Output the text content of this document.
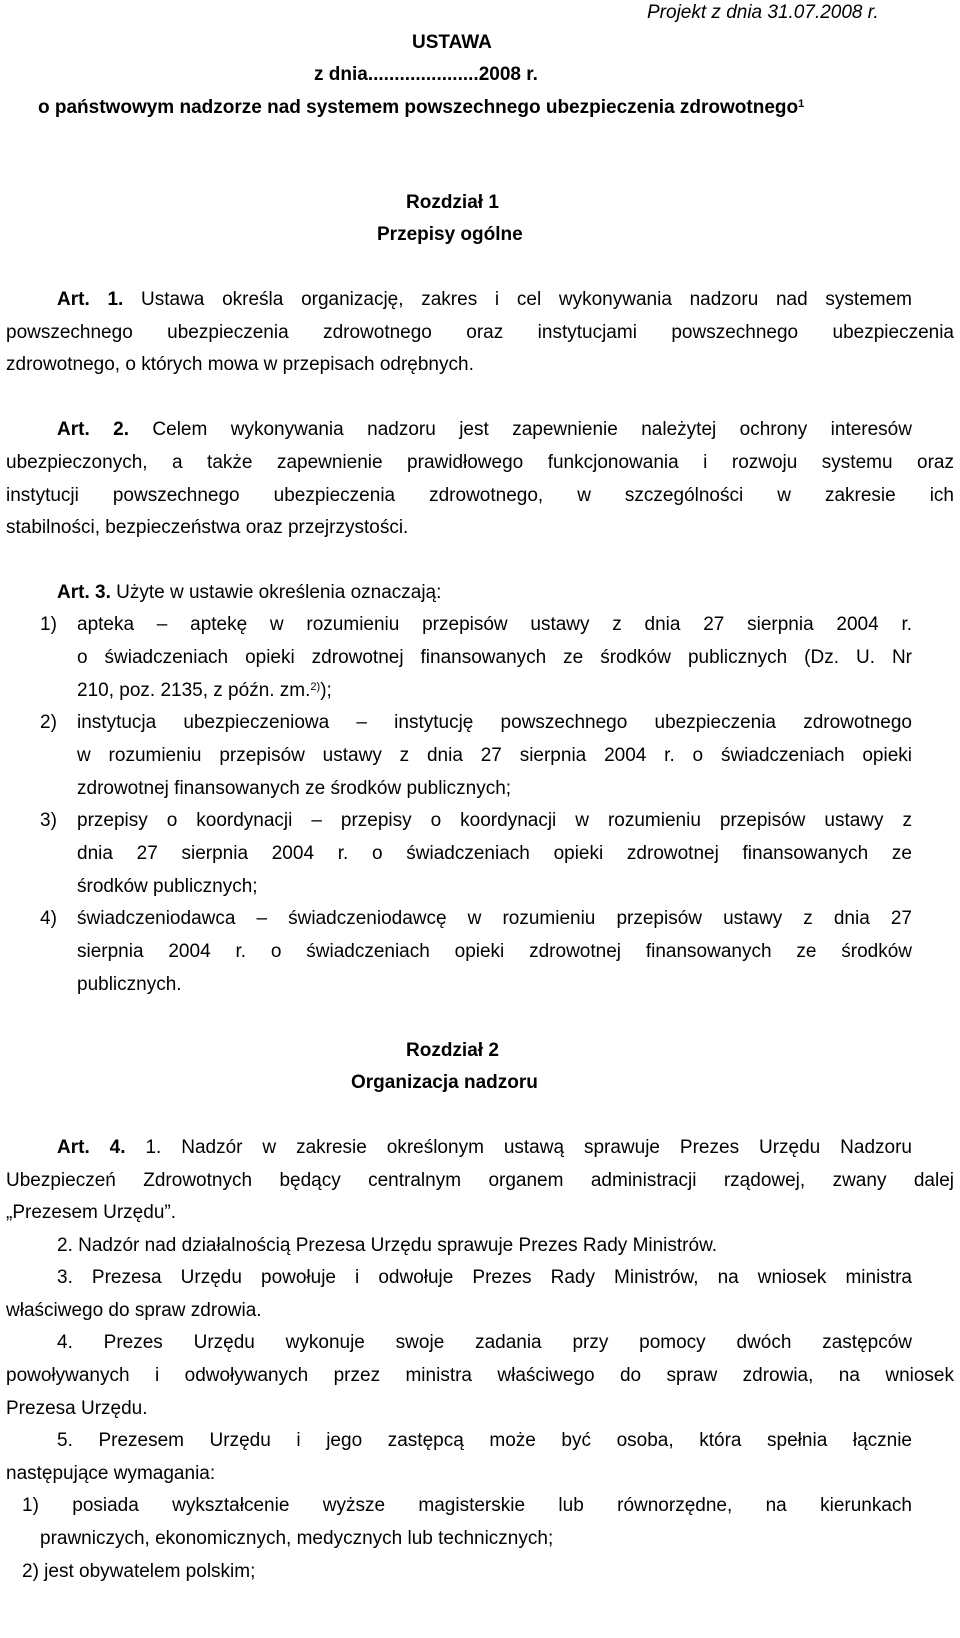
Projekt z dnia 31.07.2008 r.
USTAWA
z dnia.....................2008 r.
o państwowym nadzorze nad systemem powszechnego ubezpieczenia zdrowotnego$^1$
Rozdział 1
Przepisy ogólne
Art. 1. Ustawa określa organizację, zakres i cel wykonywania nadzoru nad systemem
powszechnego ubezpieczenia zdrowotnego oraz instytucjami powszechnego ubezpieczenia
zdrowotnego, o których mowa w przepisach odrębnych.
Art. 2. Celem wykonywania nadzoru jest zapewnienie należytej ochrony interesów
ubezpieczonych, a także zapewnienie prawidłowego funkcjonowania i rozwoju systemu oraz
instytucji powszechnego ubezpieczenia zdrowotnego, w szczególności w zakresie ich
stabilności, bezpieczeństwa oraz przejrzystości.
Art. 3. Użyte w ustawie określenia oznaczają:
1) apteka – aptekę w rozumieniu przepisów ustawy z dnia 27 sierpnia 2004 r.
o świadczeniach opieki zdrowotnej finansowanych ze środków publicznych (Dz. U. Nr
210, poz. 2135, z późn. zm.$^{2)}$);
2) instytucja ubezpieczeniowa – instytucję powszechnego ubezpieczenia zdrowotnego
w rozumieniu przepisów ustawy z dnia 27 sierpnia 2004 r. o świadczeniach opieki
zdrowotnej finansowanych ze środków publicznych;
3) przepisy o koordynacji – przepisy o koordynacji w rozumieniu przepisów ustawy z
dnia 27 sierpnia 2004 r. o świadczeniach opieki zdrowotnej finansowanych ze
środków publicznych;
4) świadczeniodawca – świadczeniodawcę w rozumieniu przepisów ustawy z dnia 27
sierpnia 2004 r. o świadczeniach opieki zdrowotnej finansowanych ze środków
publicznych.
Rozdział 2
Organizacja nadzoru
Art. 4. 1. Nadzór w zakresie określonym ustawą sprawuje Prezes Urzędu Nadzoru
Ubezpieczeń Zdrowotnych będący centralnym organem administracji rządowej, zwany dalej
„Prezesem Urzędu”.
2. Nadzór nad działalnością Prezesa Urzędu sprawuje Prezes Rady Ministrów.
3. Prezesa Urzędu powołuje i odwołuje Prezes Rady Ministrów, na wniosek ministra
właściwego do spraw zdrowia.
4. Prezes Urzędu wykonuje swoje zadania przy pomocy dwóch zastępców
powoływanych i odwoływanych przez ministra właściwego do spraw zdrowia, na wniosek
Prezesa Urzędu.
5. Prezesem Urzędu i jego zastępcą może być osoba, która spełnia łącznie
następujące wymagania:
1) posiada wykształcenie wyższe magisterskie lub równorzędne, na kierunkach
prawniczych, ekonomicznych, medycznych lub technicznych;
2) jest obywatelem polskim;
